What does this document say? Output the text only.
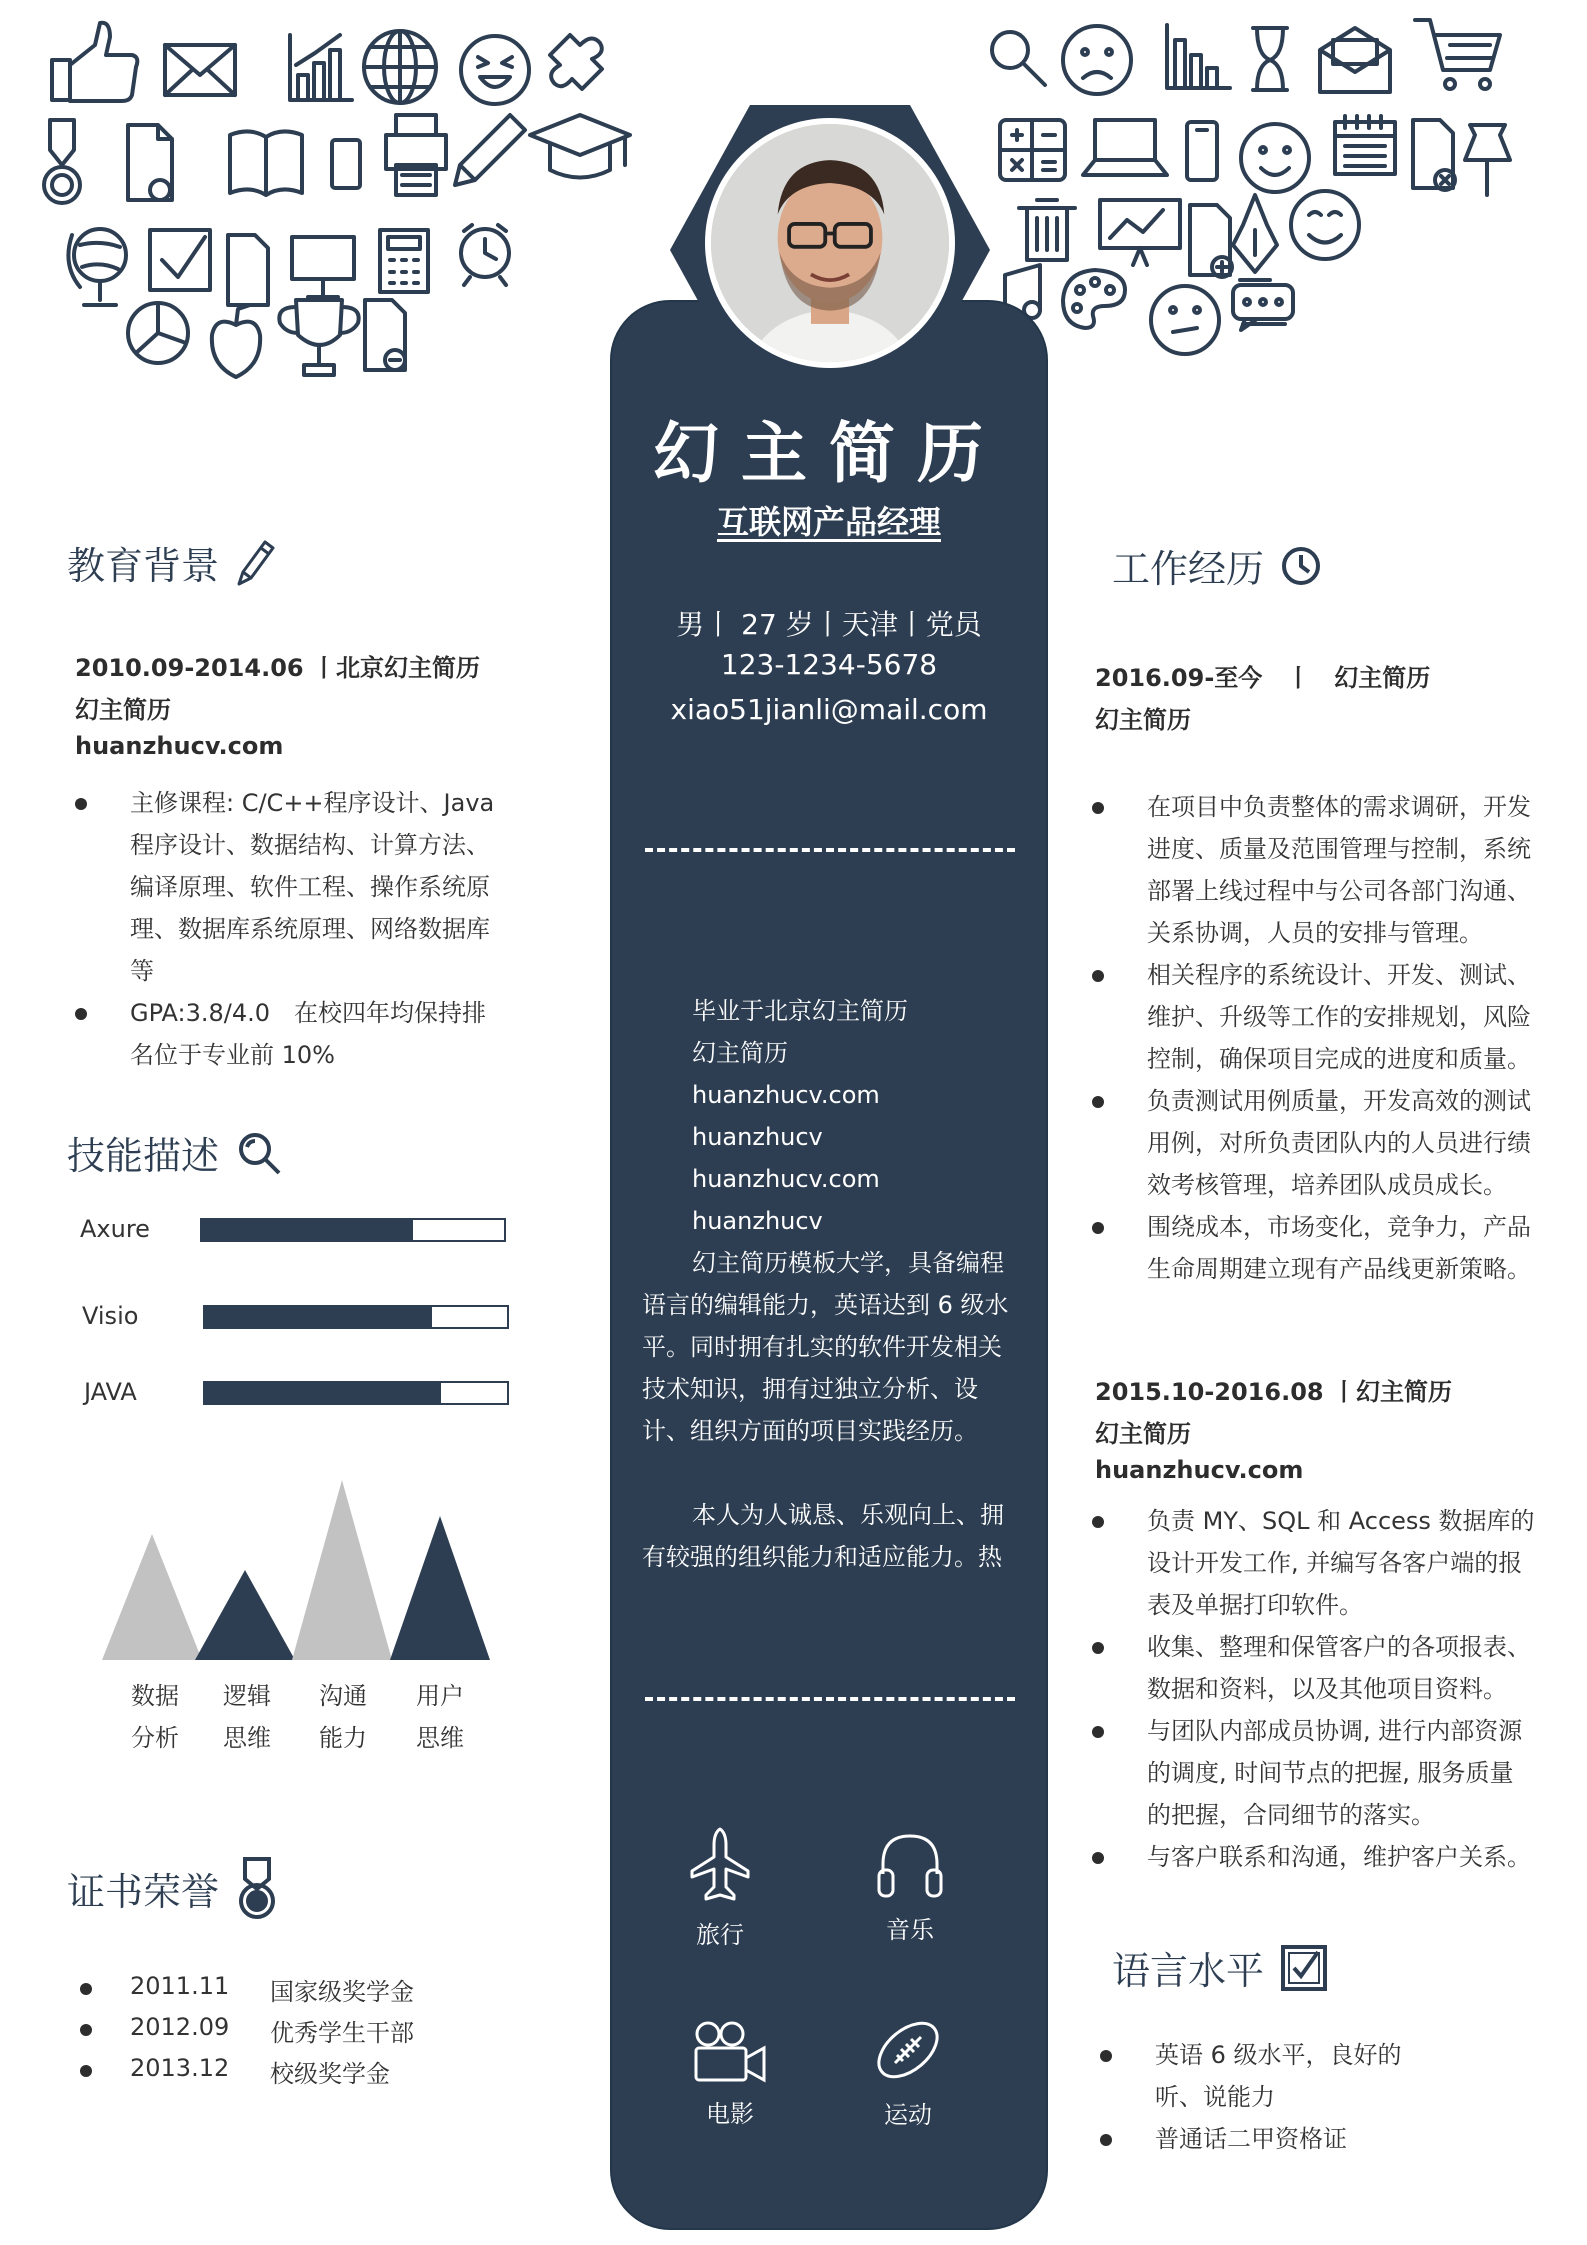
幻主简历
互联网产品经理
男丨 27 岁丨天津丨党员
123-1234-5678
xiao51jianli@mail.com
毕业于北京幻主简历
幻主简历
huanzhucv.com
huanzhucv
huanzhucv.com
huanzhucv
幻主简历模板大学，具备编程语言的编辑能力，英语达到 6 级水平。同时拥有扎实的软件开发相关技术知识，拥有过独立分析、设计、组织方面的项目实践经历。
本人为人诚恳、乐观向上、拥有较强的组织能力和适应能力。热
旅行	音乐
电影	运动
教育背景
2010.09-2014.06 丨北京幻主简历
幻主简历
huanzhucv.com
主修课程: C/C++程序设计、Java 程序设计、数据结构、计算方法、编译原理、软件工程、操作系统原理、数据库系统原理、网络数据库等
GPA:3.8/4.0　在校四年均保持排名位于专业前 10%
技能描述
Axure
Visio
JAVA
数据
分析
逻辑
思维
沟通
能力
用户
思维
证书荣誉
2011.11	国家级奖学金
2012.09	优秀学生干部
2013.12	校级奖学金
工作经历
2016.09-至今　丨　幻主简历
幻主简历
在项目中负责整体的需求调研，开发进度、质量及范围管理与控制，系统部署上线过程中与公司各部门沟通、关系协调，人员的安排与管理。
相关程序的系统设计、开发、测试、维护、升级等工作的安排规划，风险控制，确保项目完成的进度和质量。
负责测试用例质量，开发高效的测试用例，对所负责团队内的人员进行绩效考核管理，培养团队成员成长。
围绕成本，市场变化，竞争力，产品生命周期建立现有产品线更新策略。
2015.10-2016.08 丨幻主简历
幻主简历
huanzhucv.com
负责 MY、SQL 和 Access 数据库的设计开发工作, 并编写各客户端的报表及单据打印软件。
收集、整理和保管客户的各项报表、数据和资料，以及其他项目资料。
与团队内部成员协调, 进行内部资源的调度, 时间节点的把握, 服务质量的把握，合同细节的落实。
与客户联系和沟通，维护客户关系。
语言水平
英语 6 级水平，良好的听、说能力
普通话二甲资格证
